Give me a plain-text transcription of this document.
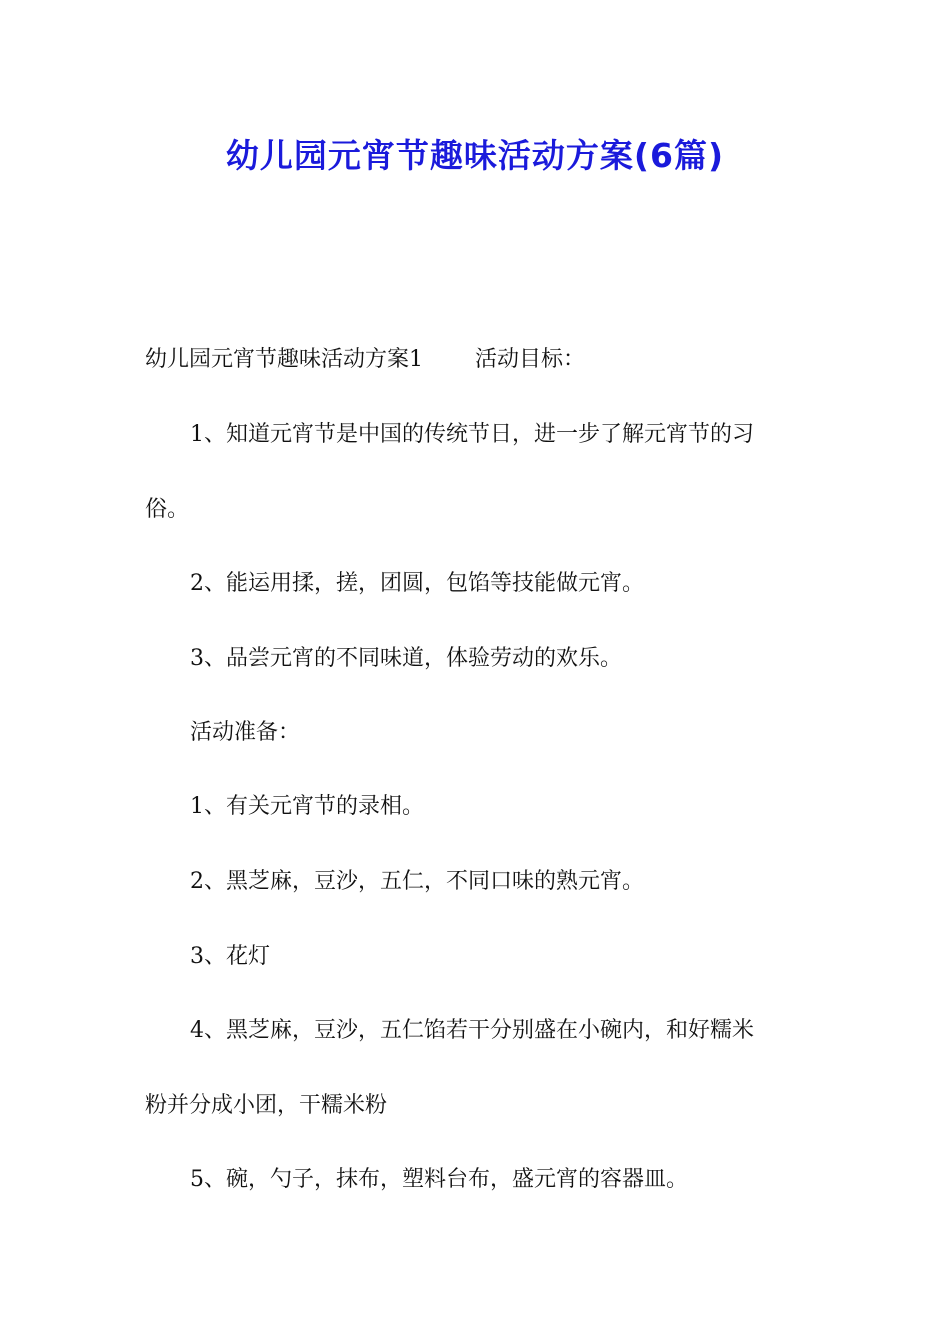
幼儿园元宵节趣味活动方案(6篇)
幼儿园元宵节趣味活动方案1 活动目标：
1、知道元宵节是中国的传统节日，进一步了解元宵节的习
俗。
2、能运用揉，搓，团圆，包馅等技能做元宵。
3、品尝元宵的不同味道，体验劳动的欢乐。
活动准备：
1、有关元宵节的录相。
2、黑芝麻，豆沙，五仁，不同口味的熟元宵。
3、花灯
4、黑芝麻，豆沙，五仁馅若干分别盛在小碗内，和好糯米
粉并分成小团，干糯米粉
5、碗，勺子，抹布，塑料台布，盛元宵的容器皿。
